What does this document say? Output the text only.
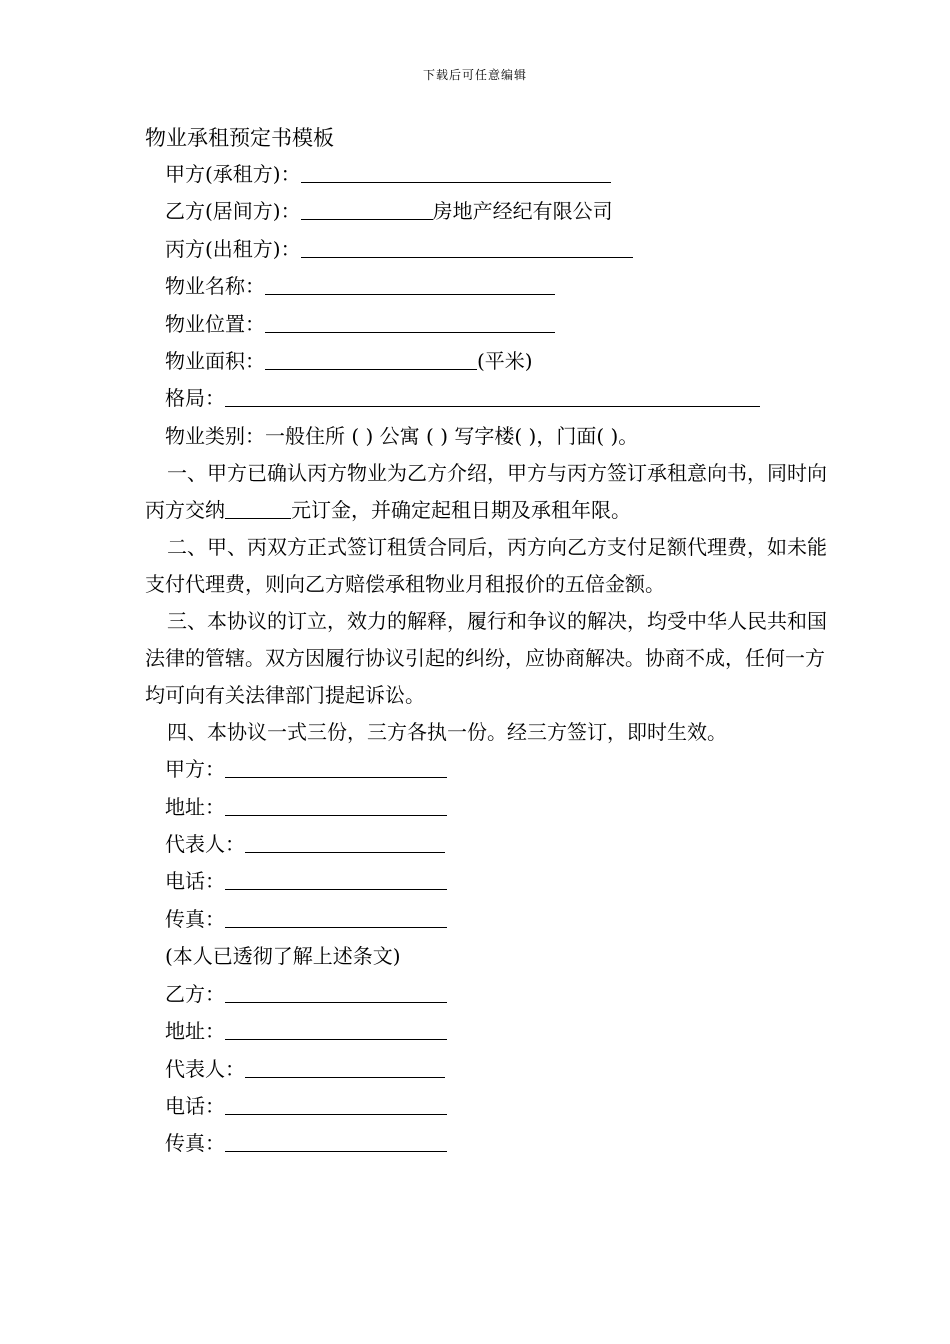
下载后可任意编辑
物业承租预定书模板
甲方(承租方)：
乙方(居间方)：	房地产经纪有限公司
丙方(出租方)：
物业名称：
物业位置：
物业面积：	(平米)
格局：
物业类别：一般住所 ( ) 公寓 ( ) 写字楼( )，门面( )。

一、甲方已确认丙方物业为乙方介绍，甲方与丙方签订承租意向书，同时向丙方交纳	元订金，并确定起租日期及承租年限。

二、甲、丙双方正式签订租赁合同后，丙方向乙方支付足额代理费，如未能支付代理费，则向乙方赔偿承租物业月租报价的五倍金额。

三、本协议的订立，效力的解释，履行和争议的解决，均受中华人民共和国法律的管辖。双方因履行协议引起的纠纷，应协商解决。协商不成，任何一方均可向有关法律部门提起诉讼。

四、本协议一式三份，三方各执一份。经三方签订，即时生效。

甲方：
地址：
代表人：
电话：
传真：
(本人已透彻了解上述条文)
乙方：
地址：
代表人：
电话：
传真：
